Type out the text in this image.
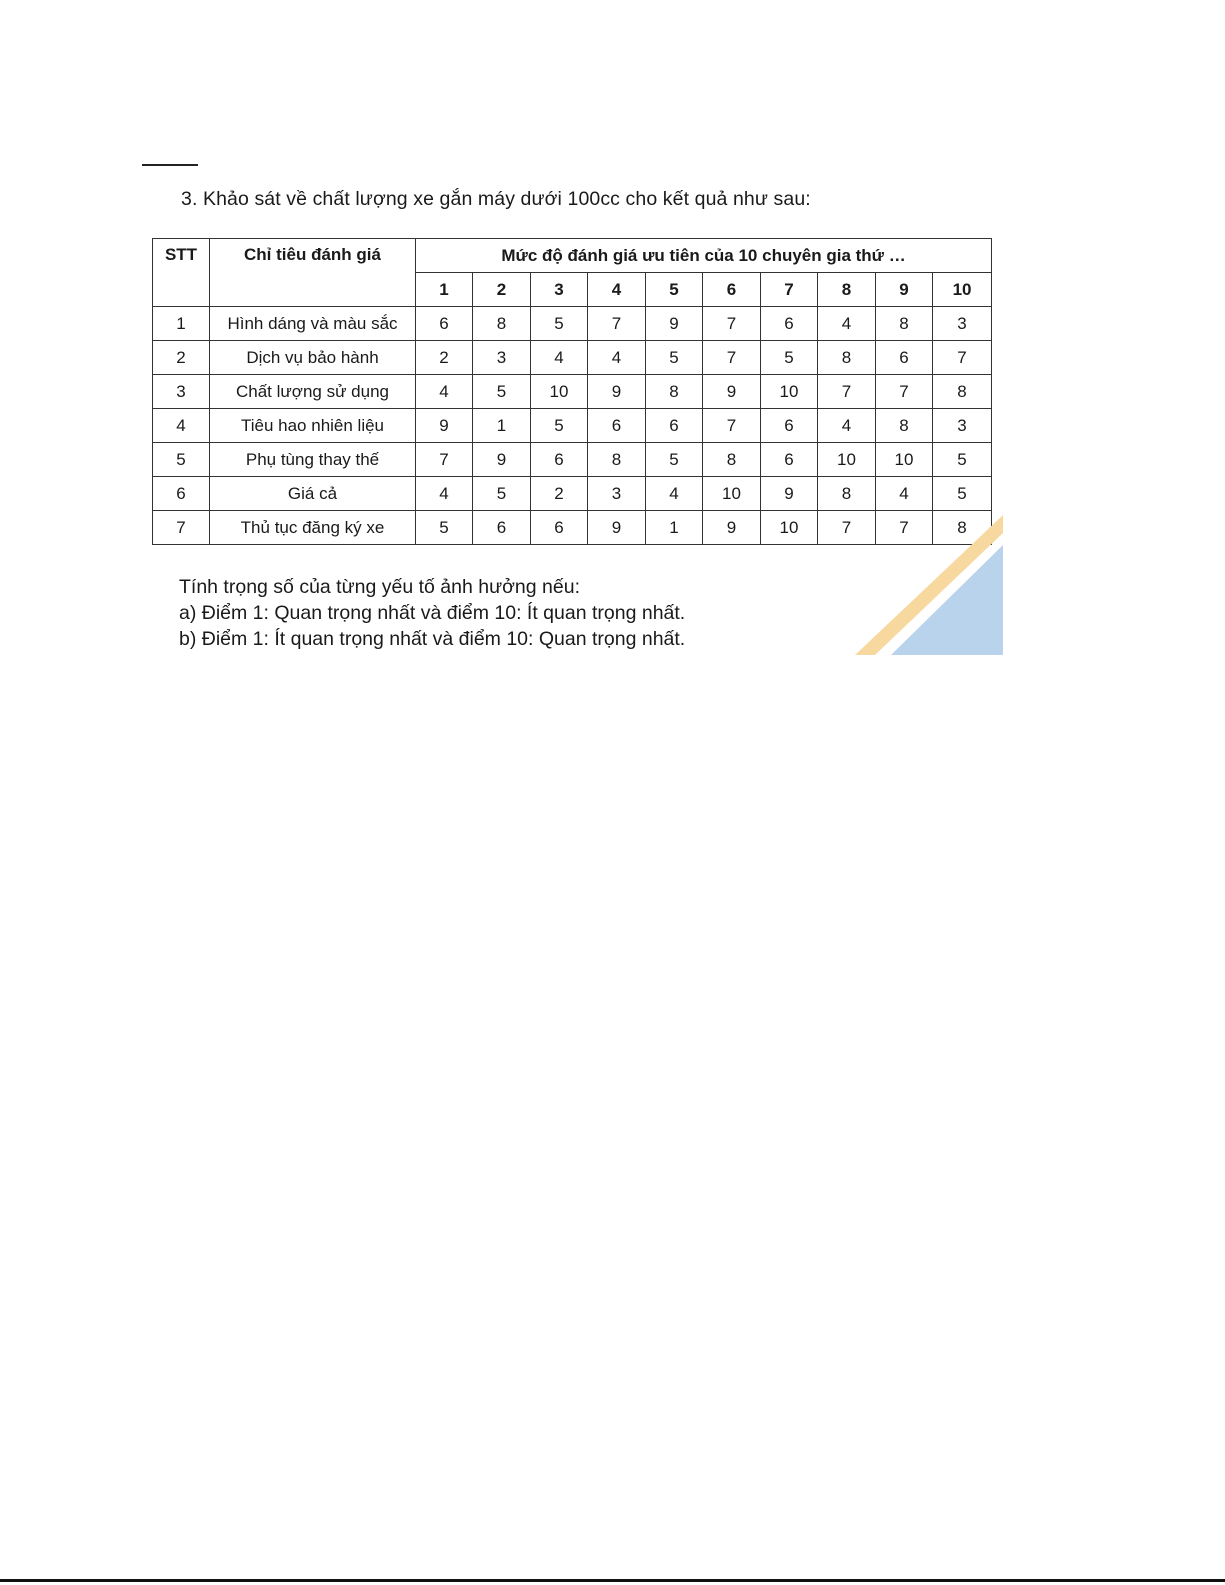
3. Khảo sát về chất lượng xe gắn máy dưới 100cc cho kết quả như sau:
STT	Chỉ tiêu đánh giá	Mức độ đánh giá ưu tiên của 10 chuyên gia thứ …									
		1	2	3	4	5	6	7	8	9	10
1	Hình dáng và màu sắc	6	8	5	7	9	7	6	4	8	3
2	Dịch vụ bảo hành	2	3	4	4	5	7	5	8	6	7
3	Chất lượng sử dụng	4	5	10	9	8	9	10	7	7	8
4	Tiêu hao nhiên liệu	9	1	5	6	6	7	6	4	8	3
5	Phụ tùng thay thế	7	9	6	8	5	8	6	10	10	5
6	Giá cả	4	5	2	3	4	10	9	8	4	5
7	Thủ tục đăng ký xe	5	6	6	9	1	9	10	7	7	8
Tính trọng số của từng yếu tố ảnh hưởng nếu:
a) Điểm 1: Quan trọng nhất và điểm 10: Ít quan trọng nhất.
b) Điểm 1: Ít quan trọng nhất và điểm 10: Quan trọng nhất.
